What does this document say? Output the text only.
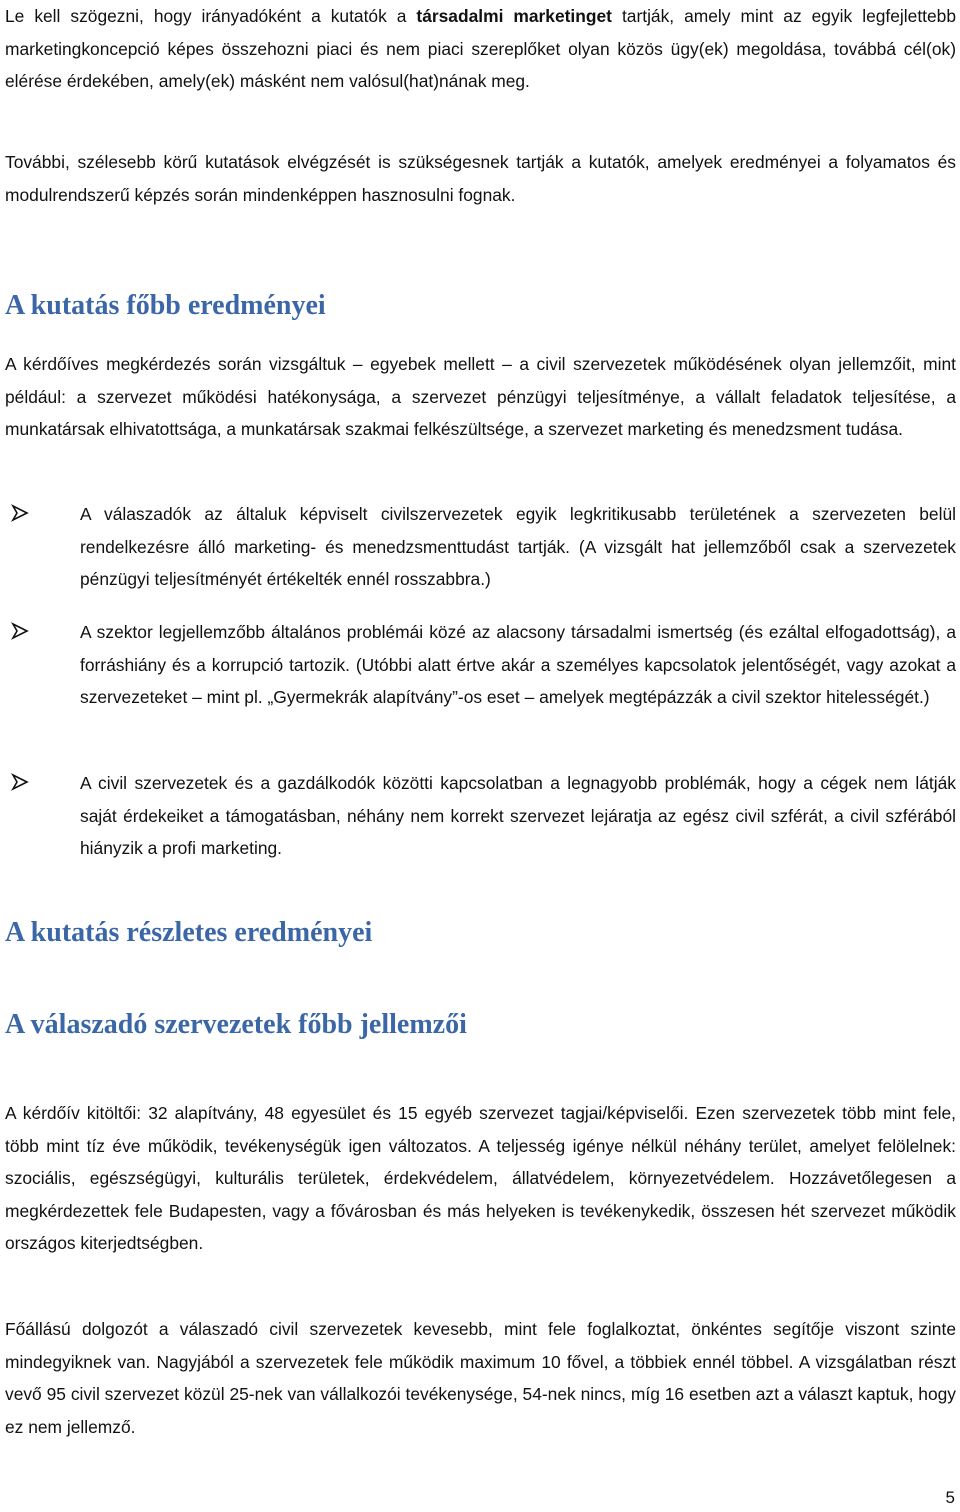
Le kell szögezni, hogy irányadóként a kutatók a társadalmi marketinget tartják, amely mint az egyik legfejlettebb marketingkoncepció képes összehozni piaci és nem piaci szereplőket olyan közös ügy(ek) megoldása, továbbá cél(ok) elérése érdekében, amely(ek) másként nem valósul(hat)nának meg.

További, szélesebb körű kutatások elvégzését is szükségesnek tartják a kutatók, amelyek eredményei a folyamatos és modulrendszerű képzés során mindenképpen hasznosulni fognak.

A kutatás főbb eredményei

A kérdőíves megkérdezés során vizsgáltuk – egyebek mellett – a civil szervezetek működésének olyan jellemzőit, mint például: a szervezet működési hatékonysága, a szervezet pénzügyi teljesítménye, a vállalt feladatok teljesítése, a munkatársak elhivatottsága, a munkatársak szakmai felkészültsége, a szervezet marketing és menedzsment tudása.

A válaszadók az általuk képviselt civilszervezetek egyik legkritikusabb területének a szervezeten belül rendelkezésre álló marketing- és menedzsmenttudást tartják. (A vizsgált hat jellemzőből csak a szervezetek pénzügyi teljesítményét értékelték ennél rosszabbra.)

A szektor legjellemzőbb általános problémái közé az alacsony társadalmi ismertség (és ezáltal elfogadottság), a forráshiány és a korrupció tartozik. (Utóbbi alatt értve akár a személyes kapcsolatok jelentőségét, vagy azokat a szervezeteket – mint pl. „Gyermekrák alapítvány”-os eset – amelyek megtépázzák a civil szektor hitelességét.)

A civil szervezetek és a gazdálkodók közötti kapcsolatban a legnagyobb problémák, hogy a cégek nem látják saját érdekeiket a támogatásban, néhány nem korrekt szervezet lejáratja az egész civil szférát, a civil szférából hiányzik a profi marketing.

A kutatás részletes eredményei
A válaszadó szervezetek főbb jellemzői

A kérdőív kitöltői: 32 alapítvány, 48 egyesület és 15 egyéb szervezet tagjai/képviselői. Ezen szervezetek több mint fele, több mint tíz éve működik, tevékenységük igen változatos. A teljesség igénye nélkül néhány terület, amelyet felölelnek: szociális, egészségügyi, kulturális területek, érdekvédelem, állatvédelem, környezetvédelem. Hozzávetőlegesen a megkérdezettek fele Budapesten, vagy a fővárosban és más helyeken is tevékenykedik, összesen hét szervezet működik országos kiterjedtségben.

Főállású dolgozót a válaszadó civil szervezetek kevesebb, mint fele foglalkoztat, önkéntes segítője viszont szinte mindegyiknek van. Nagyjából a szervezetek fele működik maximum 10 fővel, a többiek ennél többel. A vizsgálatban részt vevő 95 civil szervezet közül 25-nek van vállalkozói tevékenysége, 54-nek nincs, míg 16 esetben azt a választ kaptuk, hogy ez nem jellemző.

5
